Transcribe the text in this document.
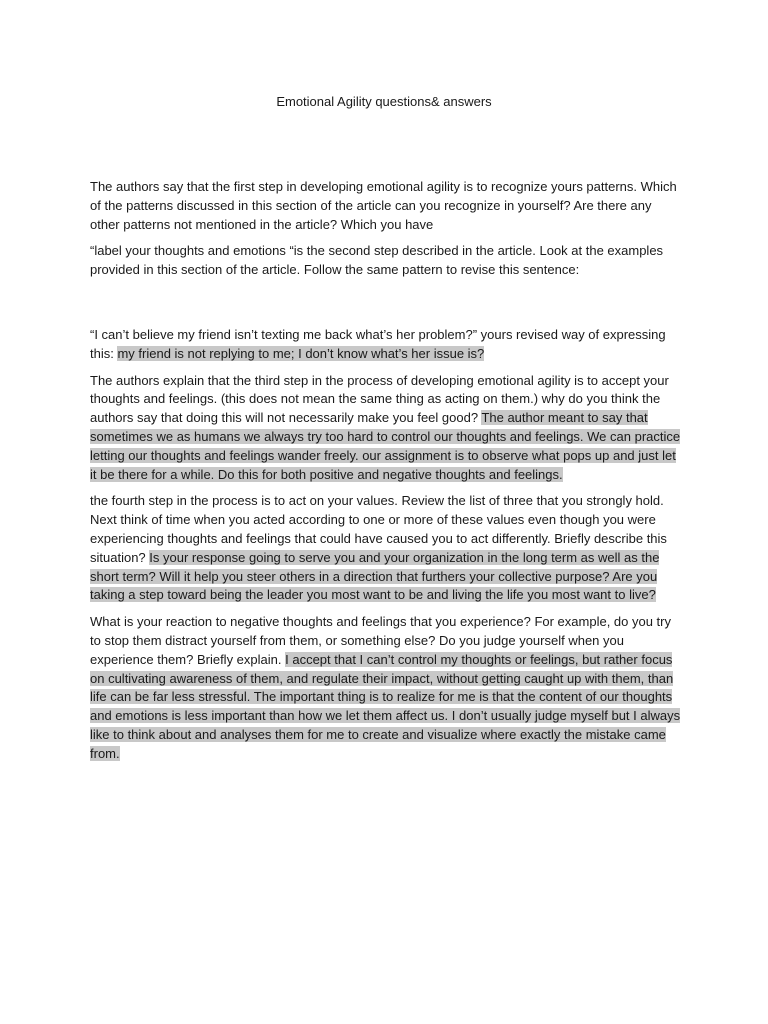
Emotional Agility questions& answers

The authors say that the first step in developing emotional agility is to recognize yours patterns. Which of the patterns discussed in this section of the article can you recognize in yourself? Are there any other patterns not mentioned in the article? Which you have

“label your thoughts and emotions “is the second step described in the article. Look at the examples provided in this section of the article. Follow the same pattern to revise this sentence:

“I can’t believe my friend isn’t texting me back what’s her problem?” yours revised way of expressing this: my friend is not replying to me; I don’t know what’s her issue is?

The authors explain that the third step in the process of developing emotional agility is to accept your thoughts and feelings. (this does not mean the same thing as acting on them.) why do you think the authors say that doing this will not necessarily make you feel good? The author meant to say that sometimes we as humans we always try too hard to control our thoughts and feelings. We can practice letting our thoughts and feelings wander freely. our assignment is to observe what pops up and just let it be there for a while. Do this for both positive and negative thoughts and feelings.

the fourth step in the process is to act on your values. Review the list of three that you strongly hold. Next think of time when you acted according to one or more of these values even though you were experiencing thoughts and feelings that could have caused you to act differently. Briefly describe this situation? Is your response going to serve you and your organization in the long term as well as the short term? Will it help you steer others in a direction that furthers your collective purpose? Are you taking a step toward being the leader you most want to be and living the life you most want to live?

What is your reaction to negative thoughts and feelings that you experience? For example, do you try to stop them distract yourself from them, or something else? Do you judge yourself when you experience them? Briefly explain. I accept that I can’t control my thoughts or feelings, but rather focus on cultivating awareness of them, and regulate their impact, without getting caught up with them, than life can be far less stressful. The important thing is to realize for me is that the content of our thoughts and emotions is less important than how we let them affect us. I don’t usually judge myself but I always like to think about and analyses them for me to create and visualize where exactly the mistake came from.
